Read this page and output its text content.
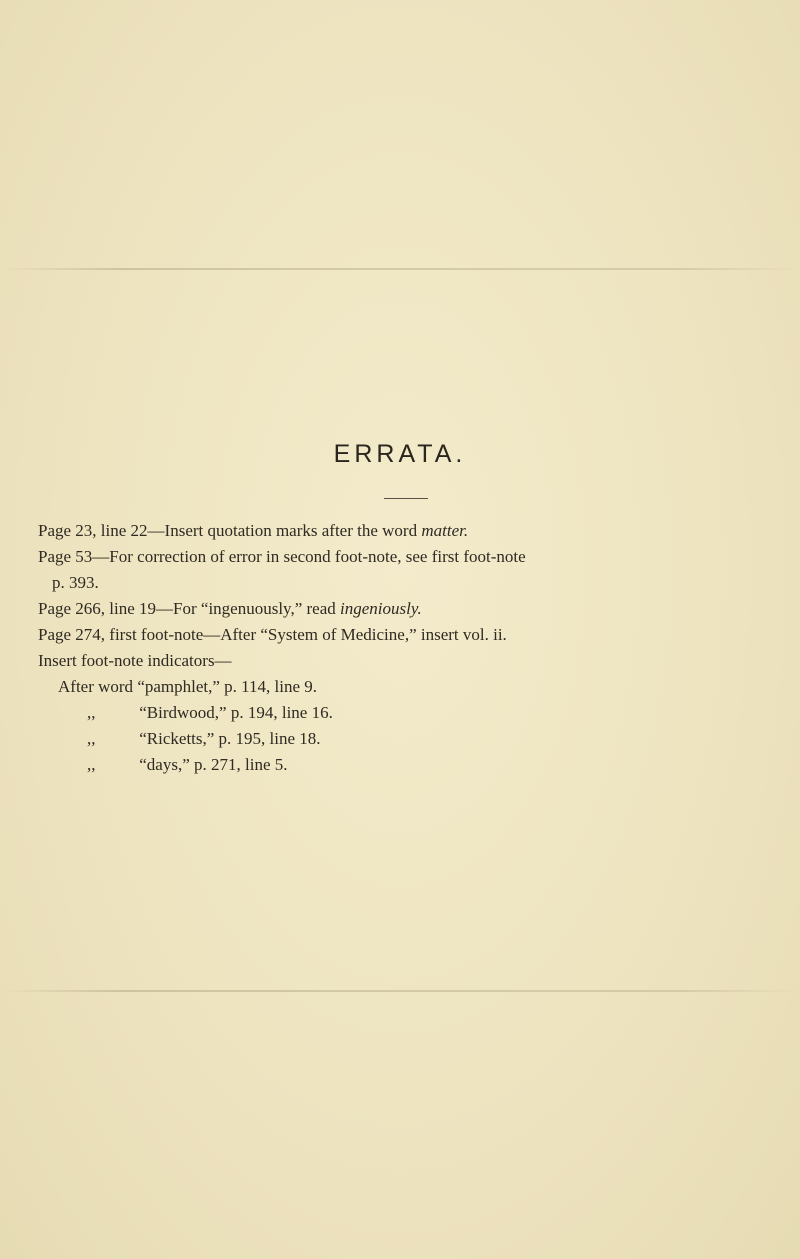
ERRATA.
Page 23, line 22—Insert quotation marks after the word matter.
Page 53—For correction of error in second foot-note, see first foot-note
p. 393.
Page 266, line 19—For “ingenuously,” read ingeniously.
Page 274, first foot-note—After “System of Medicine,” insert vol. ii.
Insert foot-note indicators—
After word “pamphlet,” p. 114, line 9.
,,	“Birdwood,” p. 194, line 16.
,,	“Ricketts,” p. 195, line 18.
,,	“days,” p. 271, line 5.
